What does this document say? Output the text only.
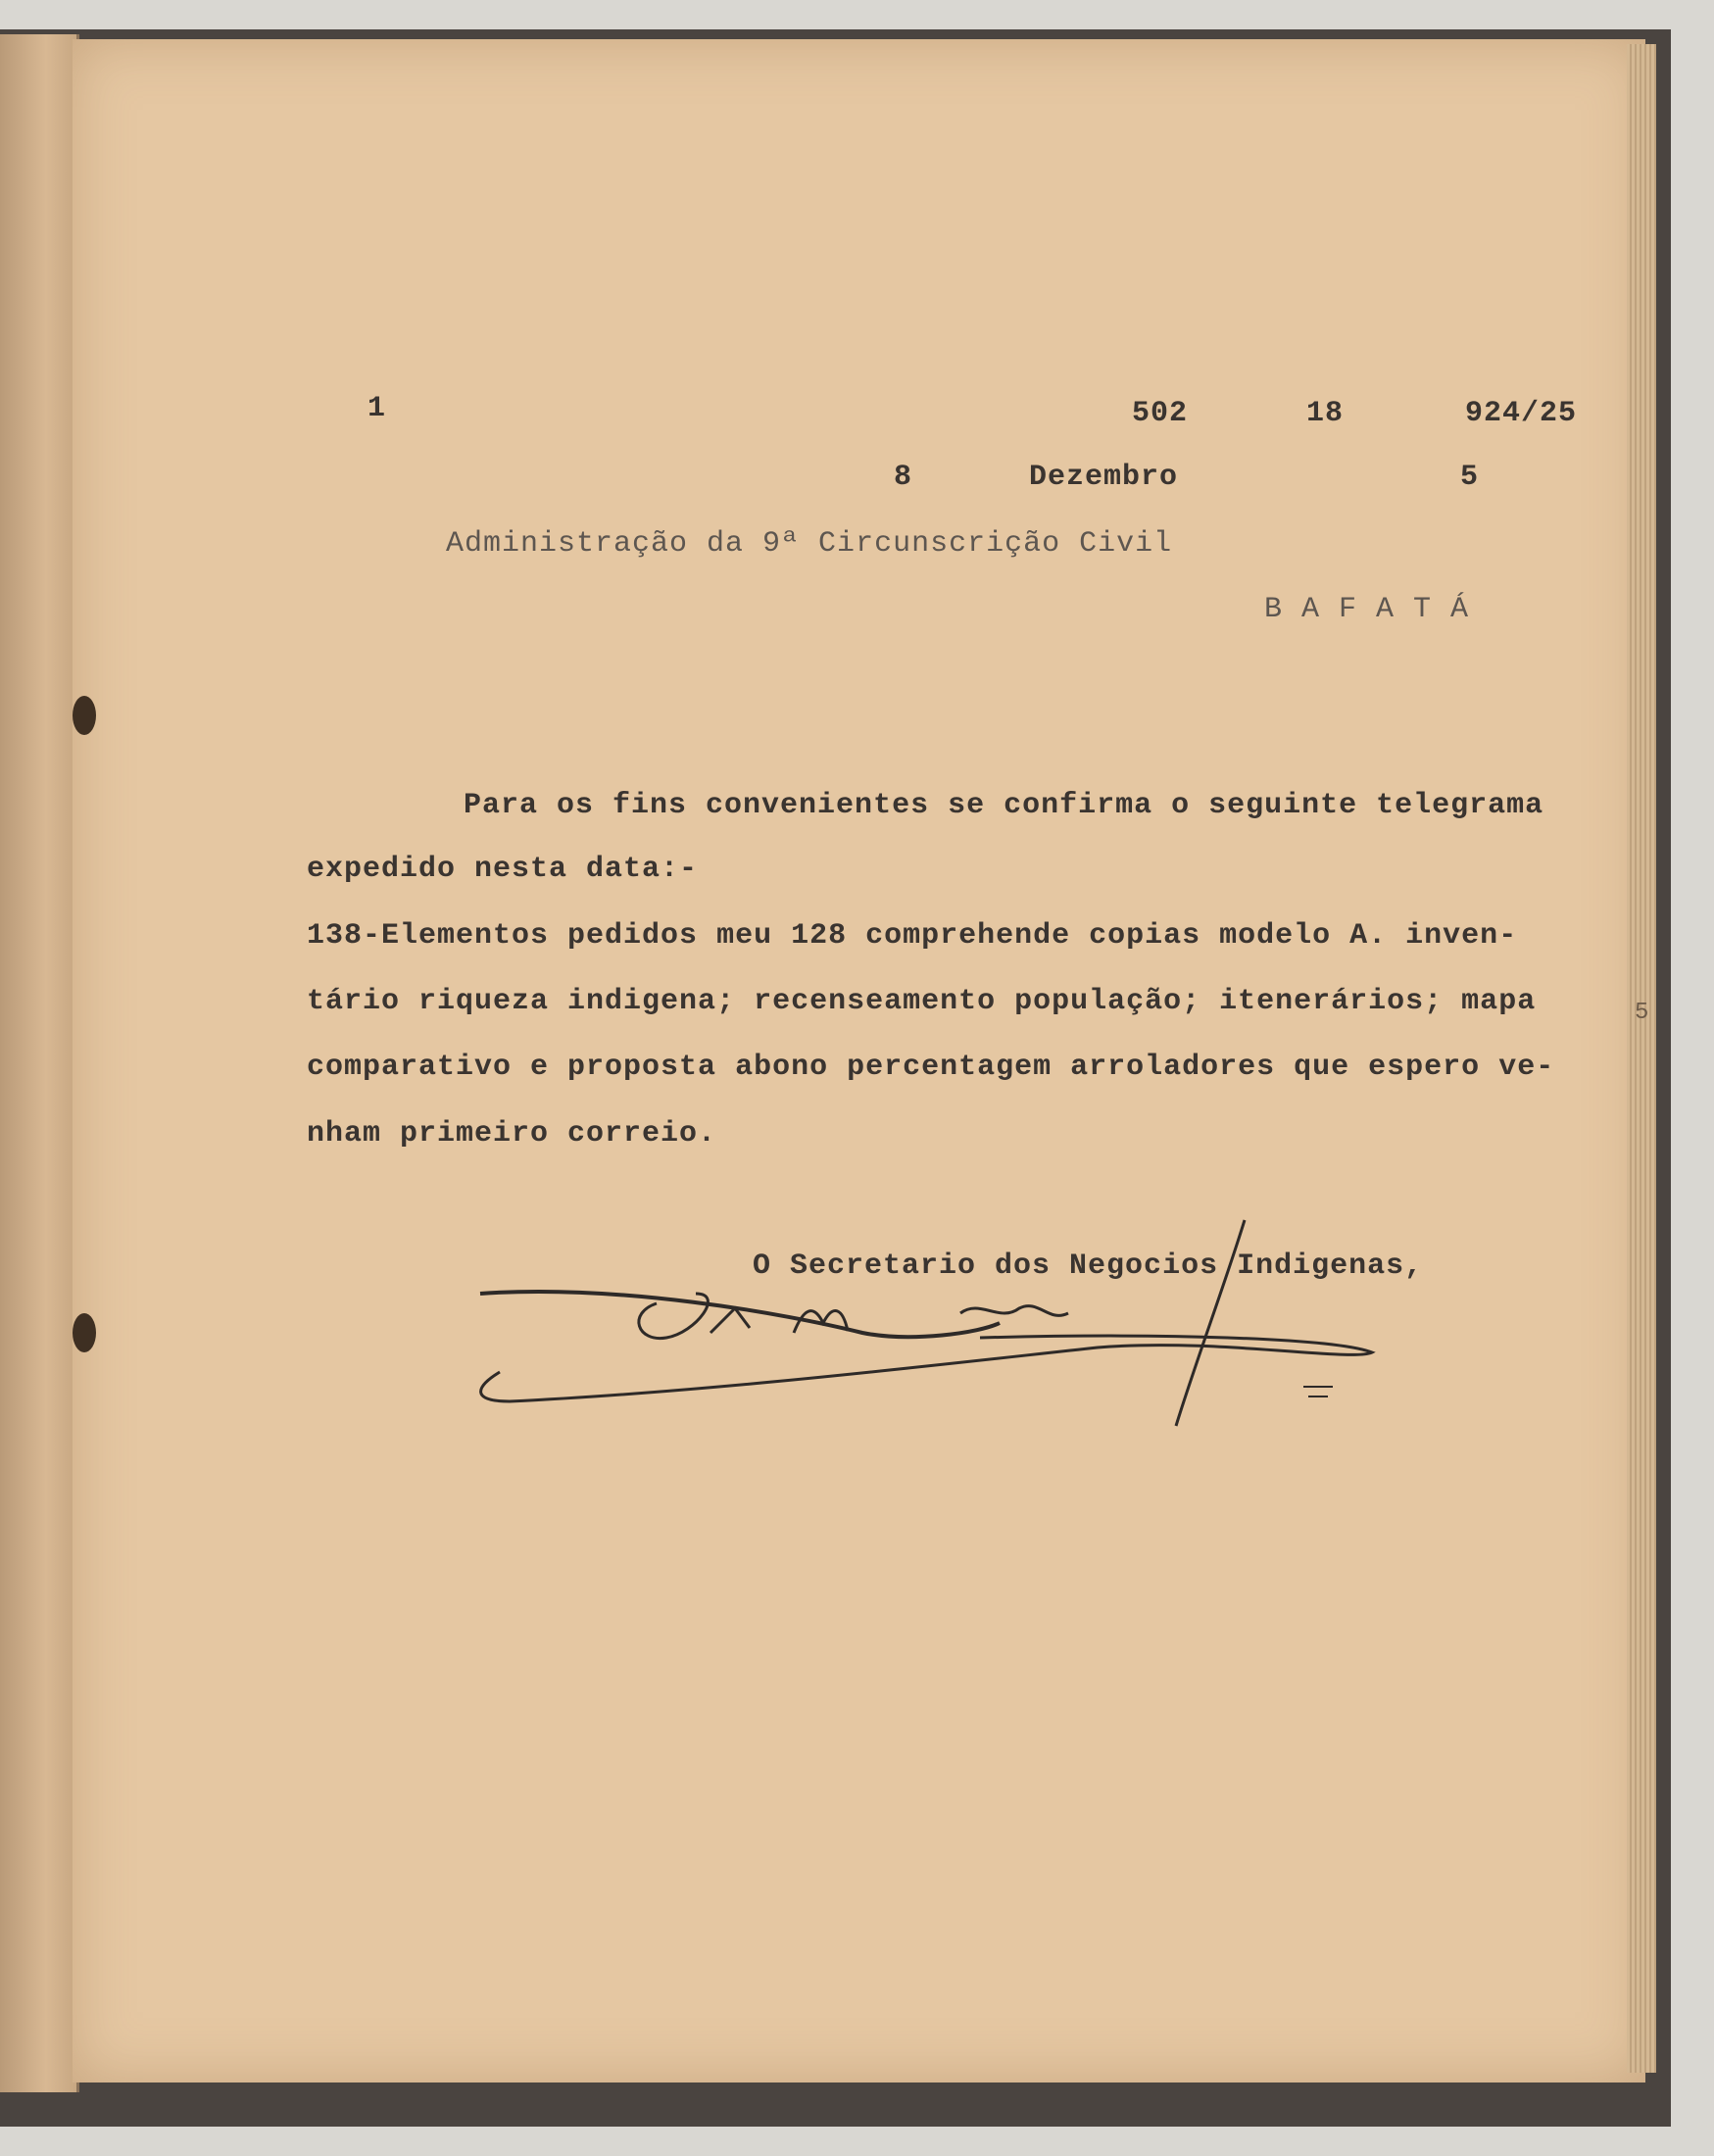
1	502	18	924/25
8	Dezembro	5
Administração da 9ª Circunscrição Civil
B A F A T Á
Para os fins convenientes se confirma o seguinte telegrama
expedido nesta data:-
138-Elementos pedidos meu 128 comprehende copias modelo A. inven-
tário riqueza indigena; recenseamento população; itenerários; mapa
comparativo e proposta abono percentagem arroladores que espero ve-
nham primeiro correio.
O Secretario dos Negocios Indigenas,
5
